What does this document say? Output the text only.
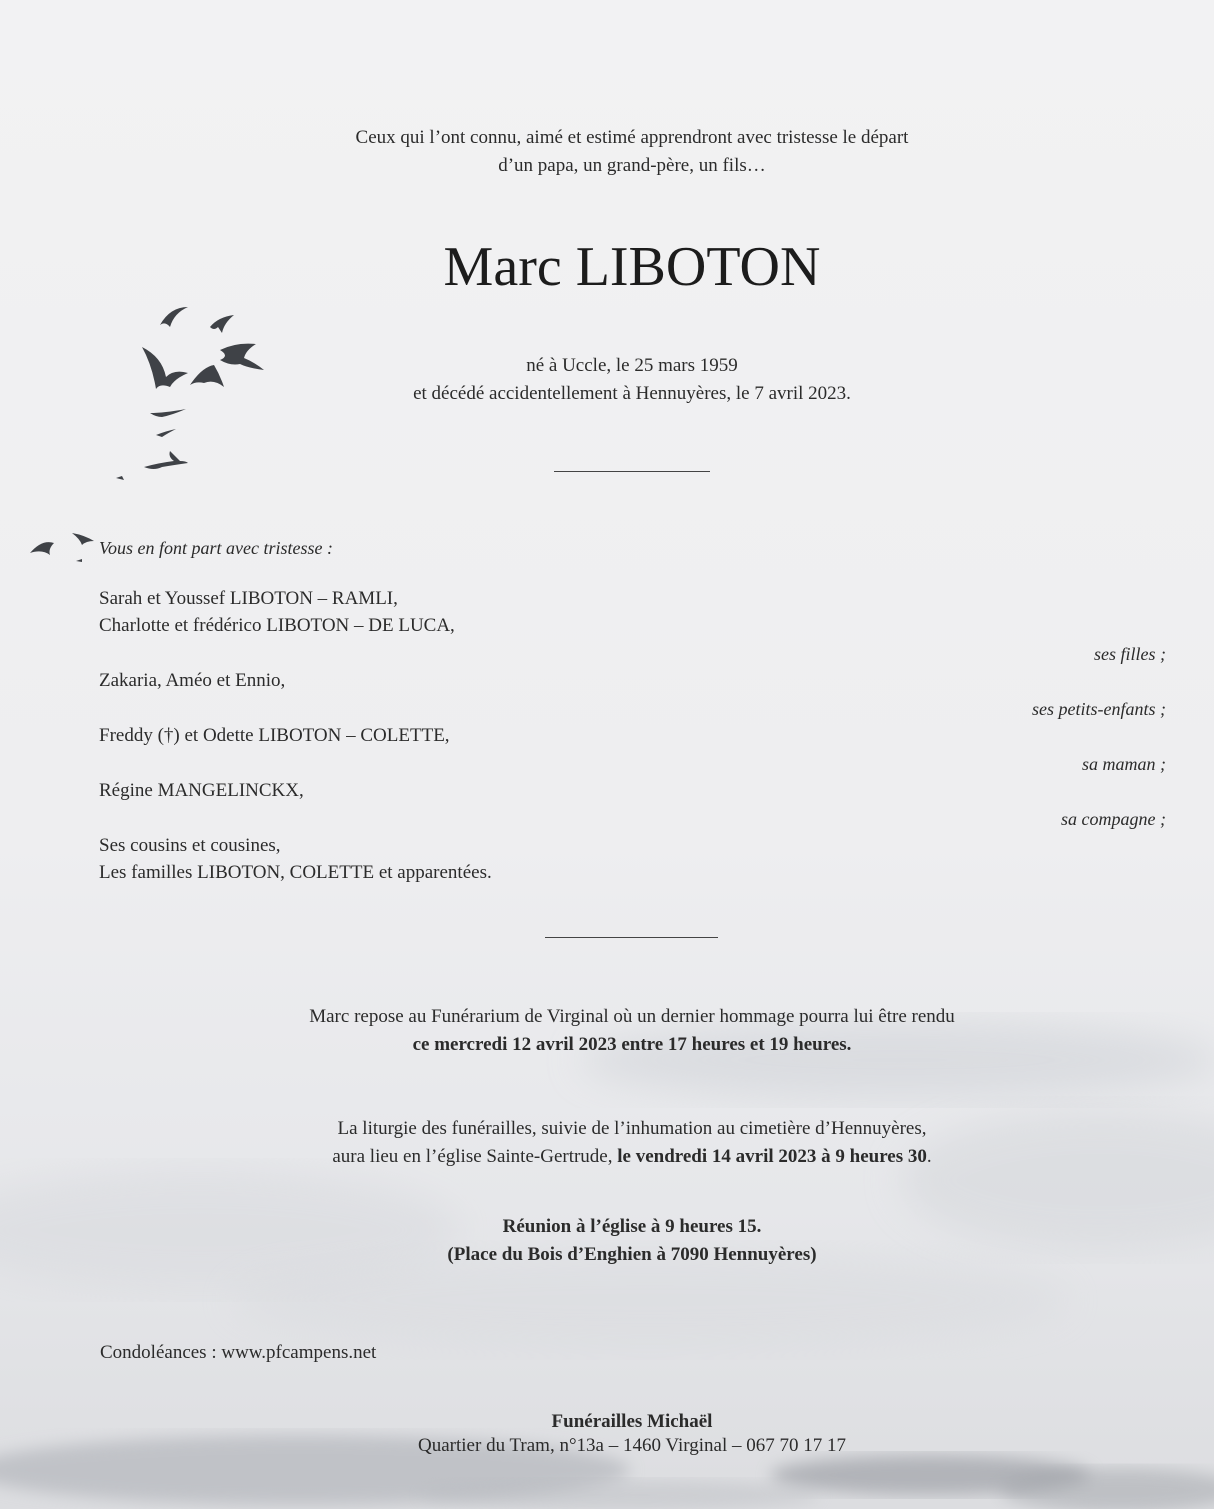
Ceux qui l’ont connu, aimé et estimé apprendront avec tristesse le départ
d’un papa, un grand-père, un fils…
Marc LIBOTON
né à Uccle, le 25 mars 1959
et décédé accidentellement à Hennuyères, le 7 avril 2023.
Vous en font part avec tristesse :
Sarah et Youssef LIBOTON – RAMLI,
Charlotte et frédérico LIBOTON – DE LUCA,
ses filles ;
Zakaria, Améo et Ennio,
ses petits-enfants ;
Freddy (†) et Odette LIBOTON – COLETTE,
sa maman ;
Régine MANGELINCKX,
sa compagne ;
Ses cousins et cousines,
Les familles LIBOTON, COLETTE et apparentées.
Marc repose au Funérarium de Virginal où un dernier hommage pourra lui être rendu
ce mercredi 12 avril 2023 entre 17 heures et 19 heures.
La liturgie des funérailles, suivie de l’inhumation au cimetière d’Hennuyères,
aura lieu en l’église Sainte-Gertrude, le vendredi 14 avril 2023 à 9 heures 30.
Réunion à l’église à 9 heures 15.
(Place du Bois d’Enghien à 7090 Hennuyères)
Condoléances : www.pfcampens.net
Funérailles Michaël
Quartier du Tram, n°13a – 1460 Virginal – 067 70 17 17
